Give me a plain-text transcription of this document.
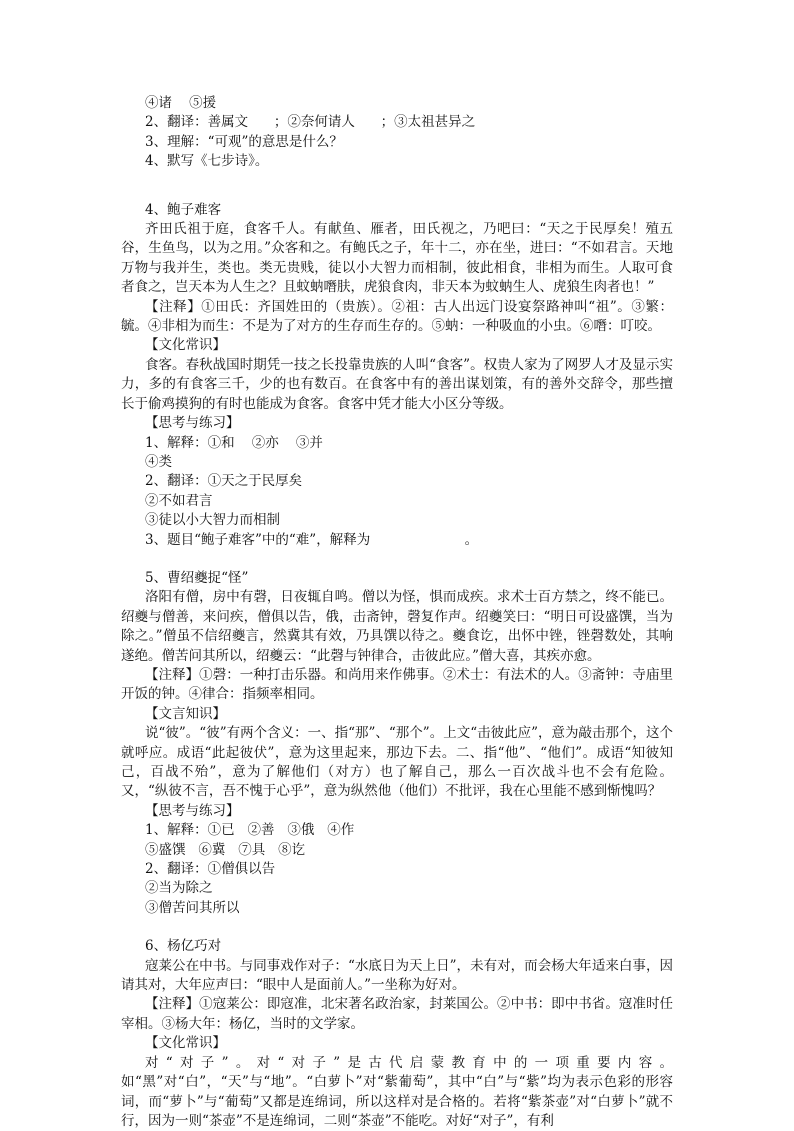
④诸    ⑤援

2、翻译：善属文      ；②奈何请人      ；③太祖甚异之

3、理解：“可观”的意思是什么？

4、默写《七步诗》。

4、鲍子难客

齐田氏祖于庭，食客千人。有献鱼、雁者，田氏视之，乃吧曰：“天之于民厚矣！殖五谷，生鱼鸟，以为之用。”众客和之。有鲍氏之子，年十二，亦在坐，进曰：“不如君言。天地万物与我并生，类也。类无贵贱，徒以小大智力而相制，彼此相食，非相为而生。人取可食者食之，岂天本为人生之？且蚊蚋噆肤，虎狼食肉，非天本为蚊蚋生人、虎狼生肉者也！”

【注释】①田氏：齐国姓田的（贵族）。②祖：古人出远门设宴祭路神叫“祖”。③繁：毓。④非相为而生：不是为了对方的生存而生存的。⑤蚋：一种吸血的小虫。⑥噆：叮咬。

【文化常识】

食客。春秋战国时期凭一技之长投靠贵族的人叫“食客”。权贵人家为了网罗人才及显示实力，多的有食客三千，少的也有数百。在食客中有的善出谋划策，有的善外交辞令，那些擅长于偷鸡摸狗的有时也能成为食客。食客中凭才能大小区分等级。

【思考与练习】

1、解释：①和    ②亦    ③并

④类

2、翻译：①天之于民厚矣

②不如君言

③徒以小大智力而相制

3、题目“鲍子难客”中的“难”，解释为                      。

5、曹绍夔捉“怪”

洛阳有僧，房中有磬，日夜辄自鸣。僧以为怪，惧而成疾。求术士百方禁之，终不能已。绍夔与僧善，来问疾，僧俱以告，俄，击斋钟，磬复作声。绍夔笑曰：“明日可设盛馔，当为除之。”僧虽不信绍夔言，然冀其有效，乃具馔以待之。夔食讫，出怀中锉，锉磬数处，其响遂绝。僧苦问其所以，绍夔云：“此磬与钟律合，击彼此应。”僧大喜，其疾亦愈。

【注释】①磬：一种打击乐器。和尚用来作佛事。②术士：有法术的人。③斋钟：寺庙里开饭的钟。④律合：指频率相同。

【文言知识】

说“彼”。“彼”有两个含义：一、指“那”、“那个”。上文“击彼此应”，意为敲击那个，这个就呼应。成语“此起彼伏”，意为这里起来，那边下去。二、指“他”、“他们”。成语“知彼知己，百战不殆”，意为了解他们（对方）也了解自己，那么一百次战斗也不会有危险。又，“纵彼不言，吾不愧于心乎”，意为纵然他（他们）不批评，我在心里能不感到惭愧吗？

【思考与练习】

1、解释：①已   ②善   ③俄   ④作

⑤盛馔   ⑥冀   ⑦具   ⑧讫

2、翻译：①僧俱以告

②当为除之

③僧苦问其所以

6、杨亿巧对

寇莱公在中书。与同事戏作对子：“水底日为天上日”，未有对，而会杨大年适来白事，因请其对，大年应声曰：“眼中人是面前人。”一坐称为好对。

【注释】①寇莱公：即寇准，北宋著名政治家，封莱国公。②中书：即中书省。寇准时任宰相。③杨大年：杨亿，当时的文学家。

【文化常识】

对“对子”。对“对子”是古代启蒙教育中的一项重要内容。如“黑”对“白”，“天”与“地”。“白萝卜”对“紫葡萄”，其中“白”与“紫”均为表示色彩的形容词，而“萝卜”与“葡萄”又都是连绵词，所以这样对是合格的。若将“紫茶壶”对“白萝卜”就不行，因为一则“茶壶”不是连绵词，二则“茶壶”不能吃。对好“对子”，有利
